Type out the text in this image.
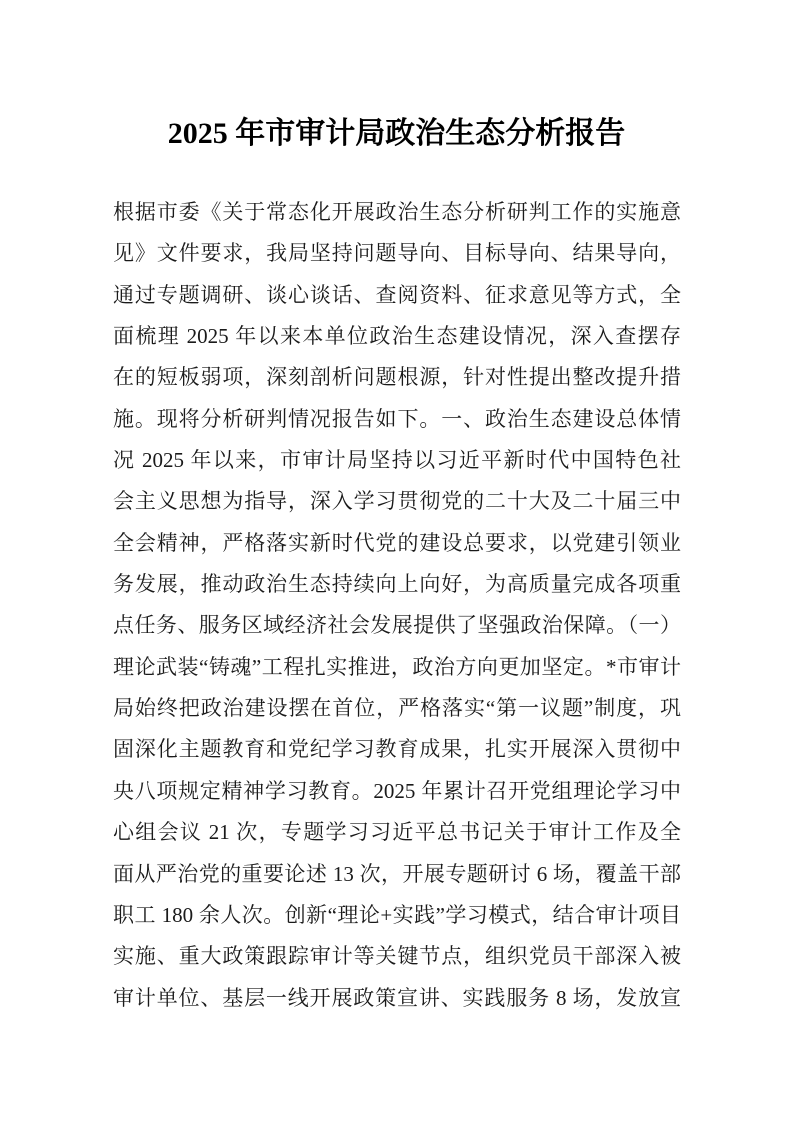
2025 年市审计局政治生态分析报告
根据市委《关于常态化开展政治生态分析研判工作的实施意
见》文件要求，我局坚持问题导向、目标导向、结果导向，
通过专题调研、谈心谈话、查阅资料、征求意见等方式，全
面梳理 2025 年以来本单位政治生态建设情况，深入查摆存
在的短板弱项，深刻剖析问题根源，针对性提出整改提升措
施。现将分析研判情况报告如下。一、政治生态建设总体情
况 2025 年以来，市审计局坚持以习近平新时代中国特色社
会主义思想为指导，深入学习贯彻党的二十大及二十届三中
全会精神，严格落实新时代党的建设总要求，以党建引领业
务发展，推动政治生态持续向上向好，为高质量完成各项重
点任务、服务区域经济社会发展提供了坚强政治保障。（一）
理论武装“铸魂”工程扎实推进，政治方向更加坚定。*市审计
局始终把政治建设摆在首位，严格落实“第一议题”制度，巩
固深化主题教育和党纪学习教育成果，扎实开展深入贯彻中
央八项规定精神学习教育。2025 年累计召开党组理论学习中
心组会议 21 次，专题学习习近平总书记关于审计工作及全
面从严治党的重要论述 13 次，开展专题研讨 6 场，覆盖干部
职工 180 余人次。创新“理论+实践”学习模式，结合审计项目
实施、重大政策跟踪审计等关键节点，组织党员干部深入被
审计单位、基层一线开展政策宣讲、实践服务 8 场，发放宣
